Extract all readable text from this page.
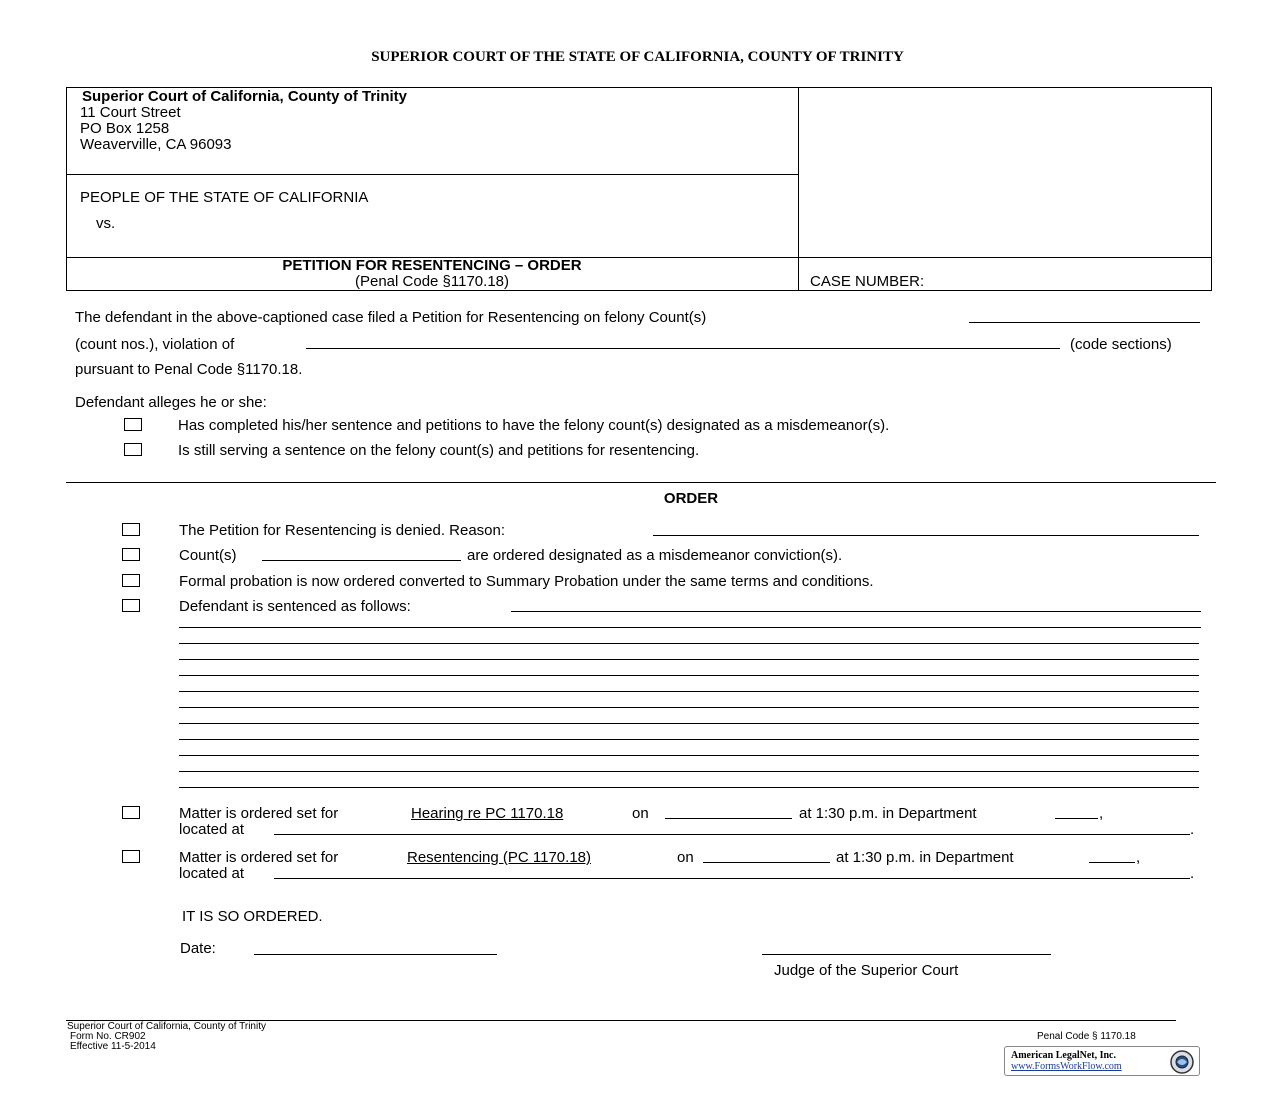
SUPERIOR COURT OF THE STATE OF CALIFORNIA, COUNTY OF TRINITY
Superior Court of California, County of Trinity
11 Court Street
PO Box 1258
Weaverville, CA 96093
PEOPLE OF THE STATE OF CALIFORNIA
vs.
PETITION FOR RESENTENCING – ORDER
(Penal Code §1170.18)	CASE NUMBER:
The defendant in the above-captioned case filed a Petition for Resentencing on felony Count(s)
(count nos.), violation of	(code sections)
pursuant to Penal Code §1170.18.
Defendant alleges he or she:
Has completed his/her sentence and petitions to have the felony count(s) designated as a misdemeanor(s).
Is still serving a sentence on the felony count(s) and petitions for resentencing.
ORDER
The Petition for Resentencing is denied. Reason:
Count(s)	are ordered designated as a misdemeanor conviction(s).
Formal probation is now ordered converted to Summary Probation under the same terms and conditions.
Defendant is sentenced as follows:
Matter is ordered set for	Hearing re PC 1170.18	on	at 1:30 p.m. in Department	,
located at	.
Matter is ordered set for	Resentencing (PC 1170.18)	on	at 1:30 p.m. in Department	,
located at	.
IT IS SO ORDERED.
Date:
Judge of the Superior Court
Superior Court of California, County of Trinity
Form No. CR902
Effective 11-5-2014
Penal Code § 1170.18
American LegalNet, Inc.
www.FormsWorkFlow.com
